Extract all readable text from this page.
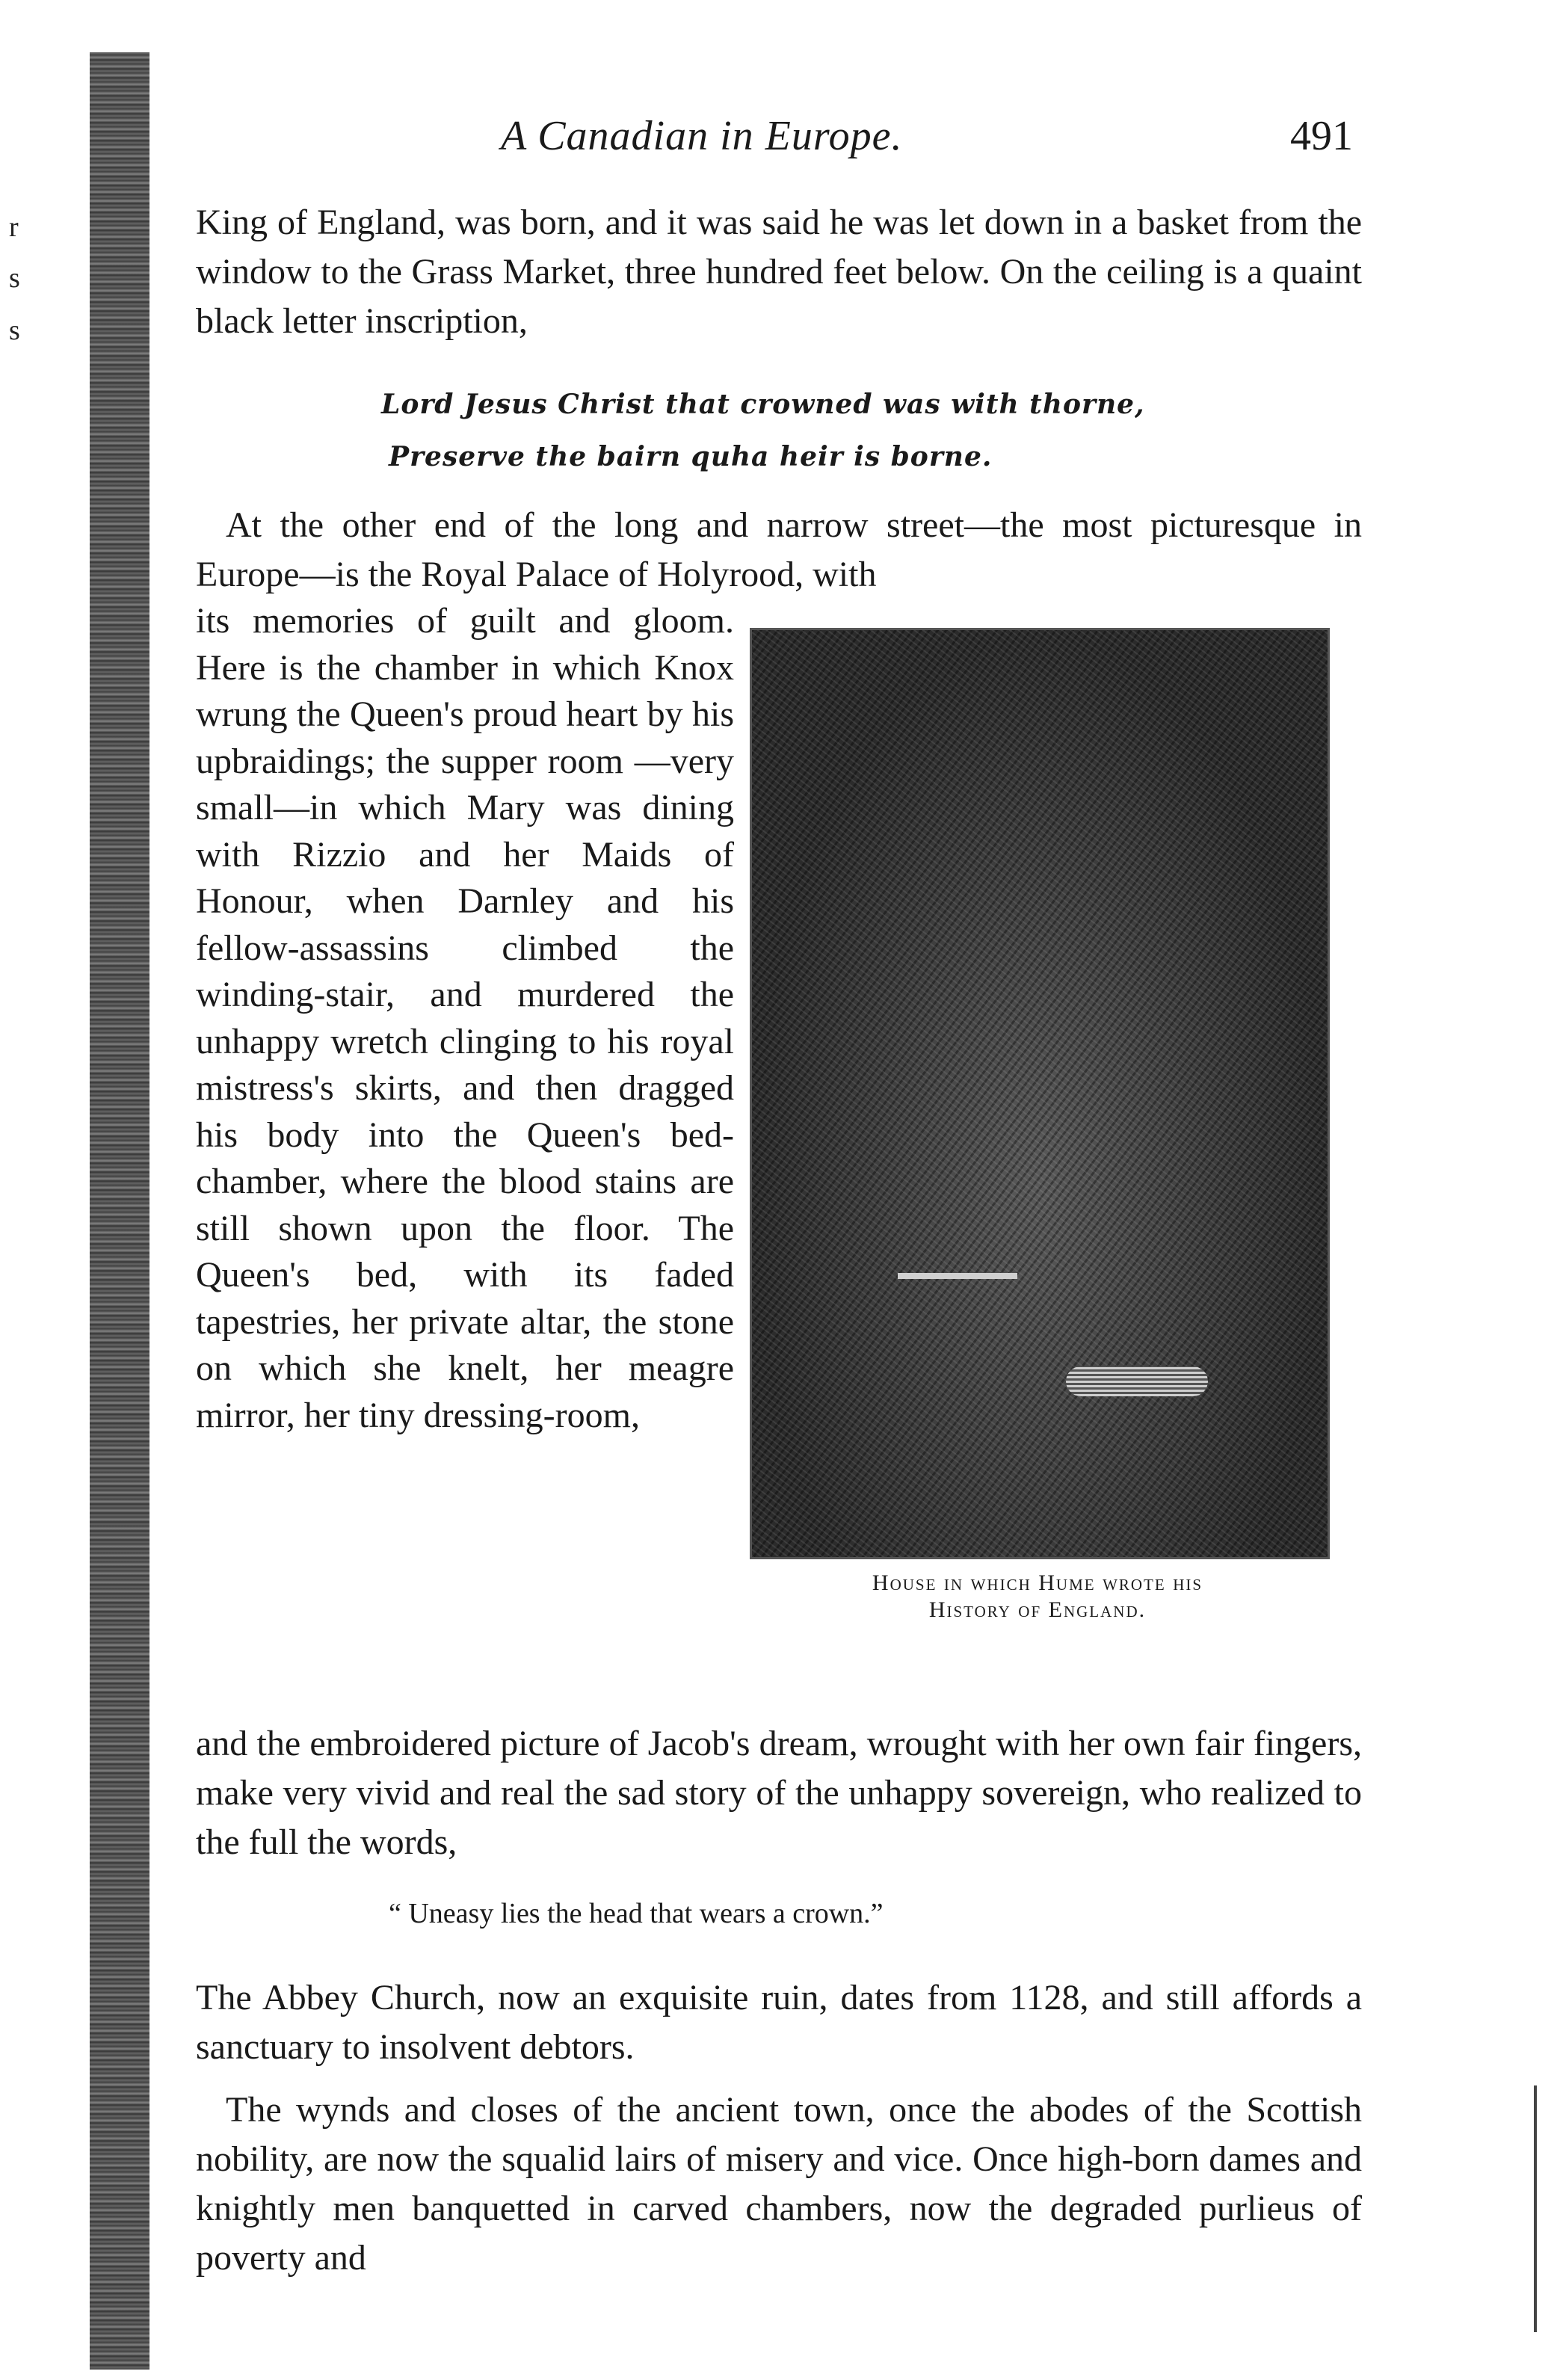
r
s
s
A Canadian in Europe.	491

King of England, was born, and it was said he was let down in a basket from the window to the Grass Market, three hundred feet below. On the ceiling is a quaint black letter inscription,

Lord Jesus Christ that crowned was with thorne,
Preserve the bairn quha heir is borne.

At the other end of the long and narrow street—the most picturesque in Europe—is the Royal Palace of Holyrood, with

its memories of guilt and gloom. Here is the chamber in which Knox wrung the Queen's proud heart by his upbraidings; the supper room —very small—in which Mary was dining with Rizzio and her Maids of Honour, when Darnley and his fellow-assassins climbed the winding-stair, and murdered the unhappy wretch clinging to his royal mistress's skirts, and then dragged his body into the Queen's bed-chamber, where the blood stains are still shown upon the floor. The Queen's bed, with its faded tapestries, her private altar, the stone on which she knelt, her meagre mirror, her tiny dressing-room,

House in which Hume wrote his
History of England.

and the embroidered picture of Jacob's dream, wrought with her own fair fingers, make very vivid and real the sad story of the unhappy sovereign, who realized to the full the words,

“ Uneasy lies the head that wears a crown.”

The Abbey Church, now an exquisite ruin, dates from 1128, and still affords a sanctuary to insolvent debtors.

The wynds and closes of the ancient town, once the abodes of the Scottish nobility, are now the squalid lairs of misery and vice. Once high-born dames and knightly men banquetted in carved chambers, now the degraded purlieus of poverty and
